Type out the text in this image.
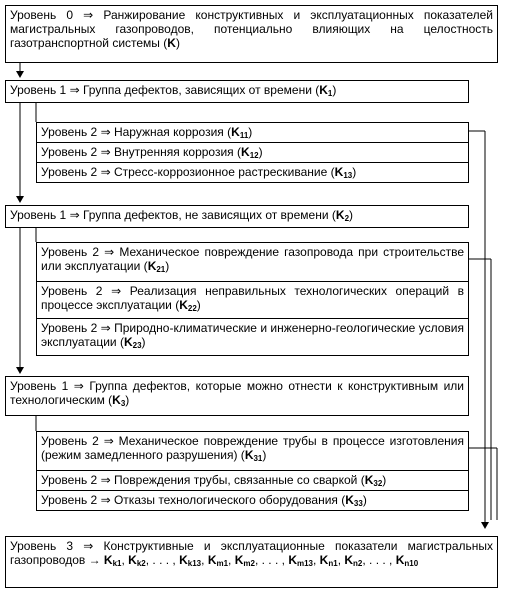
Уровень 0 ⇒ Ранжирование конструктивных и эксплуатационных показателей магистральных газопроводов, потенциально влияющих на целостность газотранспортной системы (K)
Уровень 1 ⇒ Группа дефектов, зависящих от времени $(K_1)$
Уровень 2 ⇒ Наружная коррозия $(K_{11})$
Уровень 2 ⇒ Внутренняя коррозия $(K_{12})$
Уровень 2 ⇒ Стресс-коррозионное растрескивание $(K_{13})$
Уровень 1 ⇒ Группа дефектов, не зависящих от времени $(K_2)$
Уровень 2 ⇒ Механическое повреждение газопровода при строительстве или эксплуатации $(K_{21})$
Уровень 2 ⇒ Реализация неправильных технологических операций в процессе эксплуатации $(K_{22})$
Уровень 2 ⇒ Природно-климатические и инженерно-геологические условия эксплуатации $(K_{23})$
Уровень 1 ⇒ Группа дефектов, которые можно отнести к конструктивным или технологическим $(K_3)$
Уровень 2 ⇒ Механическое повреждение трубы в процессе изготовления (режим замедленного разрушения) $(K_{31})$
Уровень 2 ⇒ Повреждения трубы, связанные со сваркой $(K_{32})$
Уровень 2 ⇒ Отказы технологического оборудования $(K_{33})$
Уровень 3 ⇒ Конструктивные и эксплуатационные показатели магистральных газопроводов → $K_{k1}$, $K_{k2}$, . . . , $K_{k13}$, $K_{m1}$, $K_{m2}$, . . . , $K_{m13}$, $K_{n1}$, $K_{n2}$, . . . , $K_{n10}$
